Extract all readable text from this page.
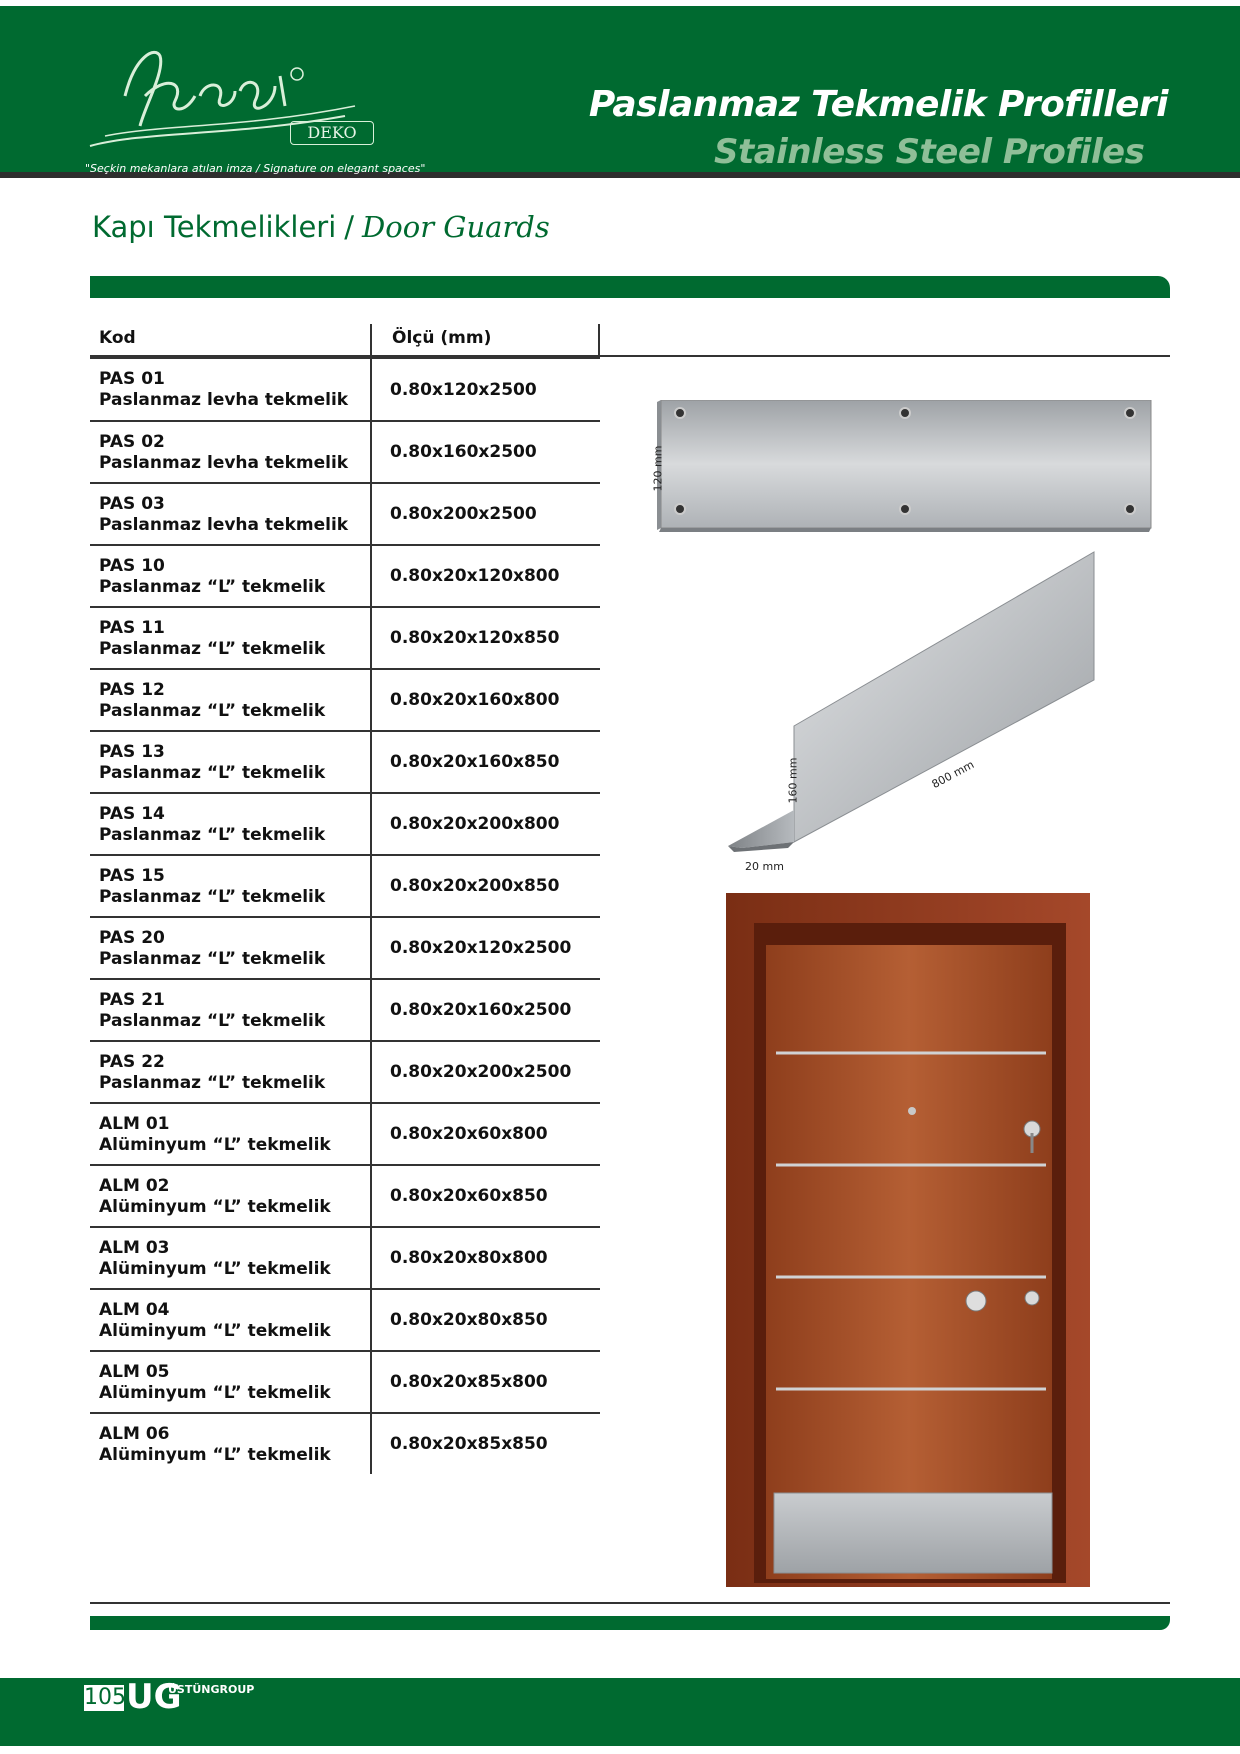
DEKO
"Seçkin mekanlara atılan imza / Signature on elegant spaces"
Paslanmaz Tekmelik Profilleri
Stainless Steel Profiles
Kapı Tekmelikleri / Door Guards
Kod	Ölçü (mm)
PAS 01
Paslanmaz levha tekmelik
0.80x120x2500
PAS 02
Paslanmaz levha tekmelik
0.80x160x2500
PAS 03
Paslanmaz levha tekmelik
0.80x200x2500
PAS 10
Paslanmaz “L” tekmelik
0.80x20x120x800
PAS 11
Paslanmaz “L” tekmelik
0.80x20x120x850
PAS 12
Paslanmaz “L” tekmelik
0.80x20x160x800
PAS 13
Paslanmaz “L” tekmelik
0.80x20x160x850
PAS 14
Paslanmaz “L” tekmelik
0.80x20x200x800
PAS 15
Paslanmaz “L” tekmelik
0.80x20x200x850
PAS 20
Paslanmaz “L” tekmelik
0.80x20x120x2500
PAS 21
Paslanmaz “L” tekmelik
0.80x20x160x2500
PAS 22
Paslanmaz “L” tekmelik
0.80x20x200x2500
ALM 01
Alüminyum “L” tekmelik
0.80x20x60x800
ALM 02
Alüminyum “L” tekmelik
0.80x20x60x850
ALM 03
Alüminyum “L” tekmelik
0.80x20x80x800
ALM 04
Alüminyum “L” tekmelik
0.80x20x80x850
ALM 05
Alüminyum “L” tekmelik
0.80x20x85x800
ALM 06
Alüminyum “L” tekmelik
0.80x20x85x850
120 mm
160 mm	800 mm
20 mm
105 UG
ÜSTÜNGROUP
